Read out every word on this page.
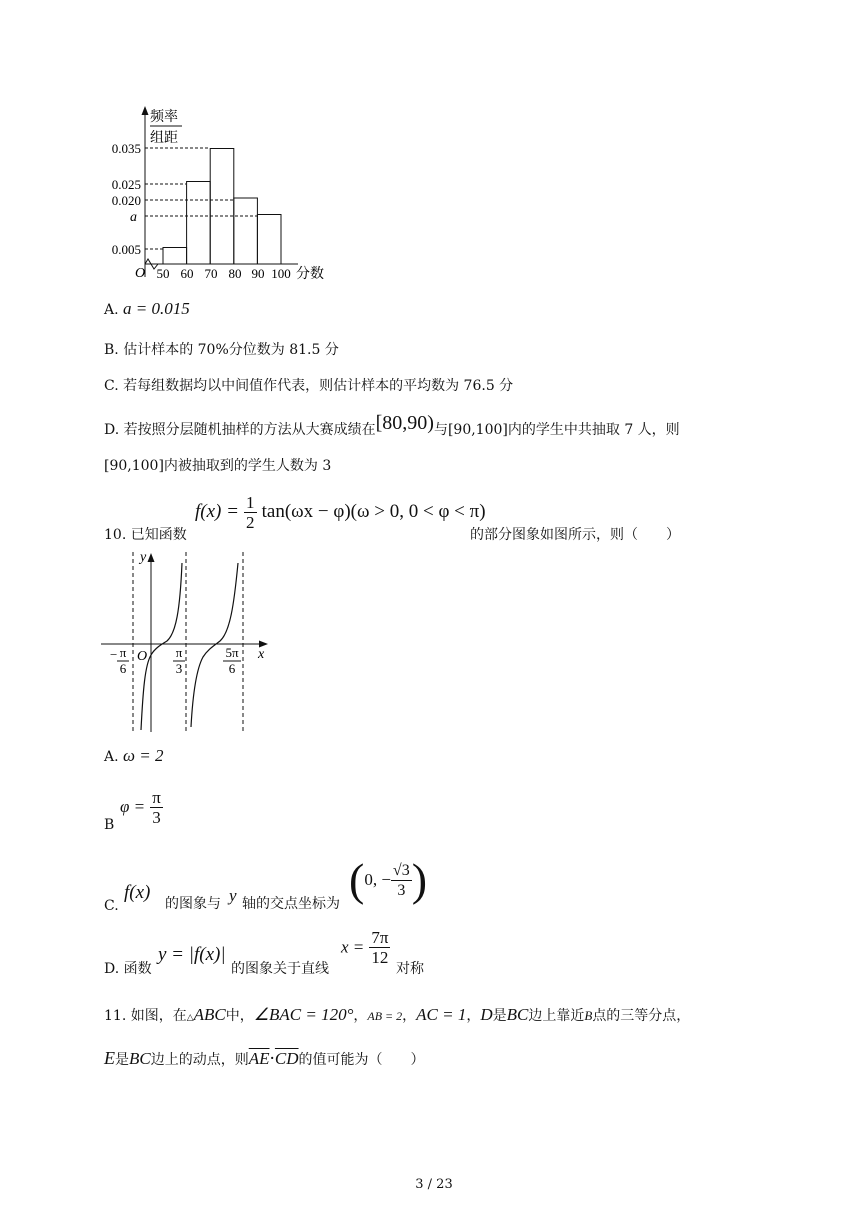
频率
组距
0.035
0.025
0.020
a
0.005
O 50 60 70 80 90 100 分数
A. a = 0.015
B. 估计样本的 70%分位数为 81.5 分
C. 若每组数据均以中间值作代表，则估计样本的平均数为 76.5 分
D. 若按照分层随机抽样的方法从大赛成绩在[80,90)与[90,100]内的学生中共抽取 7 人，则
[90,100]内被抽取到的学生人数为 3
10. 已知函数
$f(x) = \frac{1}{2} \tan(\omega x - \varphi)(\omega > 0$, 0 < φ < π)
的部分图象如图所示，则（　　）
y
x
O
− π
6
π
3
5π
6
A. ω = 2
$\varphi = \frac{\pi}{3}$
B
C.
f(x)
的图象与 y 轴的交点坐标为 (0, − $\frac{√3}{3}$ )
D. 函数
y = |f(x)|
的图象关于直线
$x = \frac{7\pi}{12}$
对称
11. 如图，在△ABC中，∠BAC = 120°，AB = 2，AC = 1，D是BC边上靠近B点的三等分点，
E是BC边上的动点，则$\overline{AE}\cdot\overline{CD}$的值可能为（　　）
3 / 23
